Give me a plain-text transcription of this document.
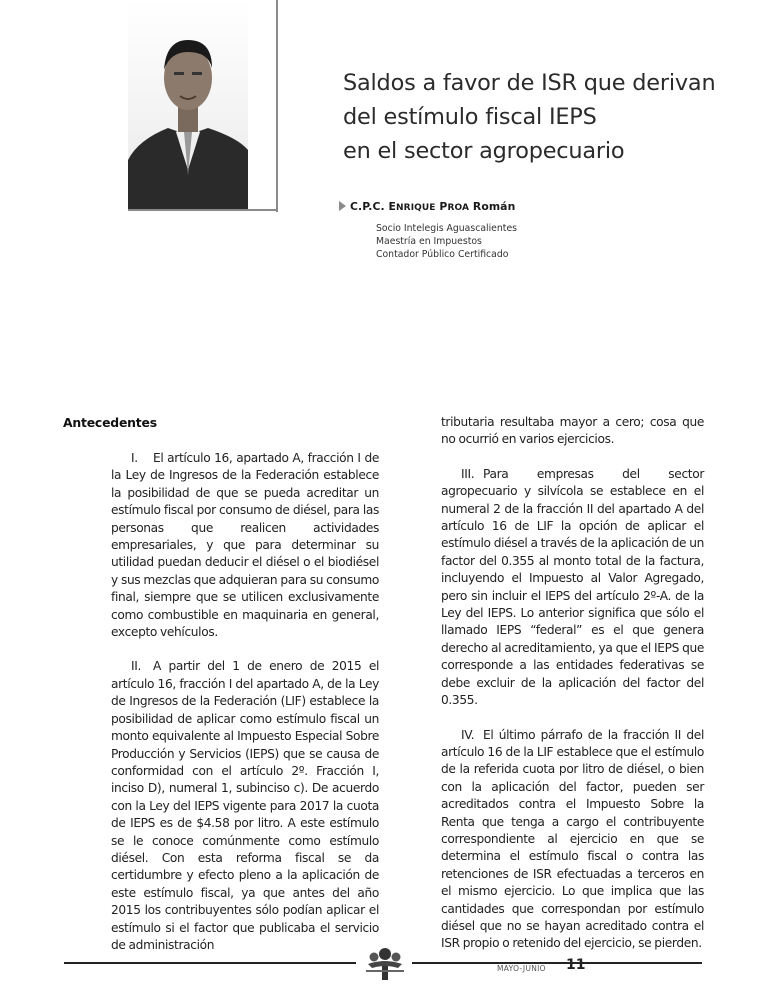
Saldos a favor de ISR que derivan
del estímulo fiscal IEPS
en el sector agropecuario
C.P.C. ENRIQUE PROA Román
Socio Intelegis Aguascalientes
Maestría en Impuestos
Contador Público Certificado
Antecedentes

I. El artículo 16, apartado A, fracción I de la Ley de Ingresos de la Federación establece la posibilidad de que se pueda acreditar un estímulo fiscal por consumo de diésel, para las personas que realicen actividades empresariales, y que para determinar su utilidad puedan deducir el diésel o el biodiésel y sus mezclas que adquieran para su consumo final, siempre que se utilicen exclusivamente como combustible en maquinaria en general, excepto vehículos.

II. A partir del 1 de enero de 2015 el artículo 16, fracción I del apartado A, de la Ley de Ingresos de la Federación (LIF) establece la posibilidad de aplicar como estímulo fiscal un monto equivalente al Impuesto Especial Sobre Producción y Servicios (IEPS) que se causa de conformidad con el artículo 2º. Fracción I, inciso D), numeral 1, subinciso c). De acuerdo con la Ley del IEPS vigente para 2017 la cuota de IEPS es de $4.58 por litro. A este estímulo se le conoce comúnmente como estímulo diésel. Con esta reforma fiscal se da certidumbre y efecto pleno a la aplicación de este estímulo fiscal, ya que antes del año 2015 los contribuyentes sólo podían aplicar el estímulo si el factor que publicaba el servicio de administración

tributaria resultaba mayor a cero; cosa que no ocurrió en varios ejercicios.

III. Para empresas del sector agropecuario y silvícola se establece en el numeral 2 de la fracción II del apartado A del artículo 16 de LIF la opción de aplicar el estímulo diésel a través de la aplicación de un factor del 0.355 al monto total de la factura, incluyendo el Impuesto al Valor Agregado, pero sin incluir el IEPS del artículo 2º-A. de la Ley del IEPS. Lo anterior significa que sólo el llamado IEPS “federal” es el que genera derecho al acreditamiento, ya que el IEPS que corresponde a las entidades federativas se debe excluir de la aplicación del factor del 0.355.

IV. El último párrafo de la fracción II del artículo 16 de la LIF establece que el estímulo de la referida cuota por litro de diésel, o bien con la aplicación del factor, pueden ser acreditados contra el Impuesto Sobre la Renta que tenga a cargo el contribuyente correspondiente al ejercicio en que se determina el estímulo fiscal o contra las retenciones de ISR efectuadas a terceros en el mismo ejercicio. Lo que implica que las cantidades que correspondan por estímulo diésel que no se hayan acreditado contra el ISR propio o retenido del ejercicio, se pierden.

MAYO-JUNIO 11
